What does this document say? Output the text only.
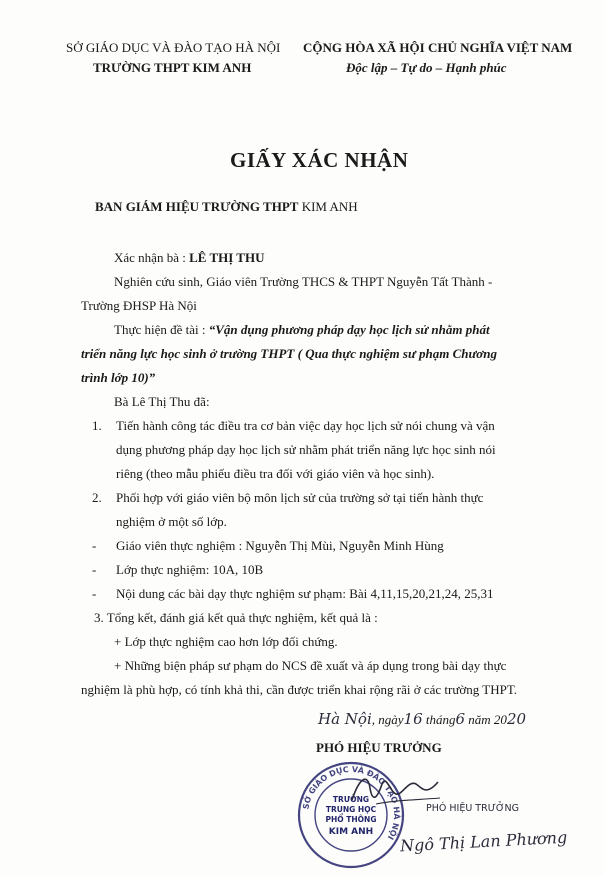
SỞ GIÁO DỤC VÀ ĐÀO TẠO HÀ NỘI
TRƯỜNG THPT KIM ANH
CỘNG HÒA XÃ HỘI CHỦ NGHĨA VIỆT NAM
Độc lập – Tự do – Hạnh phúc
GIẤY XÁC NHẬN
BAN GIÁM HIỆU TRƯỜNG THPT KIM ANH
Xác nhận bà : LÊ THỊ THU
Nghiên cứu sinh, Giáo viên Trường THCS & THPT Nguyễn Tất Thành -
Trường ĐHSP Hà Nội
Thực hiện đề tài : “Vận dụng phương pháp dạy học lịch sử nhằm phát
triển năng lực học sinh ở trường THPT ( Qua thực nghiệm sư phạm Chương
trình lớp 10)”
Bà Lê Thị Thu đã:
1. Tiến hành công tác điều tra cơ bản việc dạy học lịch sử nói chung và vận
dụng phương pháp dạy học lịch sử nhằm phát triển năng lực học sinh nói
riêng (theo mẫu phiếu điều tra đối với giáo viên và học sinh).
2. Phối hợp với giáo viên bộ môn lịch sử của trường sở tại tiến hành thực
nghiệm ở một số lớp.
- Giáo viên thực nghiệm : Nguyễn Thị Mùi, Nguyễn Minh Hùng
- Lớp thực nghiệm: 10A, 10B
- Nội dung các bài dạy thực nghiệm sư phạm: Bài 4,11,15,20,21,24, 25,31
3. Tổng kết, đánh giá kết quả thực nghiệm, kết quả là :
+ Lớp thực nghiệm cao hơn lớp đối chứng.
+ Những biện pháp sư phạm do NCS đề xuất và áp dụng trong bài dạy thực
nghiệm là phù hợp, có tính khả thi, cần được triển khai rộng rãi ở các trường THPT.
Hà Nội, ngày16 tháng6 năm 2020
PHÓ HIỆU TRƯỞNG
SỞ GIÁO DỤC VÀ ĐÀO TẠO HÀ NỘI
TRƯỜNG
TRUNG HỌC
PHỔ THÔNG
KIM ANH
PHÓ HIỆU TRƯỞNG
Ngô Thị Lan Phương
